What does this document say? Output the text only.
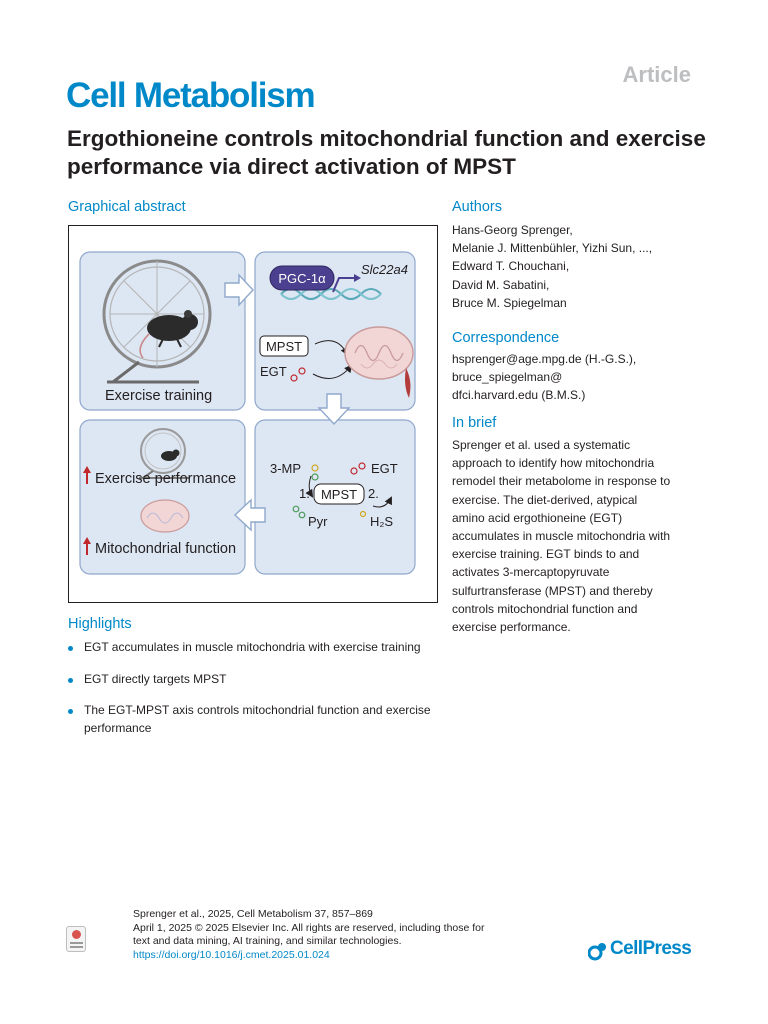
Article
Cell Metabolism
Ergothioneine controls mitochondrial function and exercise performance via direct activation of MPST
Graphical abstract
Exercise training
PGC-1α
Slc22a4
MPST
EGT
3-MP	EGT
1. MPST 2.
Pyr	H₂S
Exercise performance
Mitochondrial function
Highlights
EGT accumulates in muscle mitochondria with exercise training
EGT directly targets MPST
The EGT-MPST axis controls mitochondrial function and exercise performance
Authors
Hans-Georg Sprenger,
Melanie J. Mittenbühler, Yizhi Sun, ...,
Edward T. Chouchani,
David M. Sabatini,
Bruce M. Spiegelman
Correspondence
hsprenger@age.mpg.de (H.-G.S.),
bruce_spiegelman@
dfci.harvard.edu (B.M.S.)
In brief
Sprenger et al. used a systematic
approach to identify how mitochondria
remodel their metabolome in response to
exercise. The diet-derived, atypical
amino acid ergothioneine (EGT)
accumulates in muscle mitochondria with
exercise training. EGT binds to and
activates 3-mercaptopyruvate
sulfurtransferase (MPST) and thereby
controls mitochondrial function and
exercise performance.
Sprenger et al., 2025, Cell Metabolism 37, 857–869
April 1, 2025 © 2025 Elsevier Inc. All rights are reserved, including those for
text and data mining, AI training, and similar technologies.
https://doi.org/10.1016/j.cmet.2025.01.024	CellPress
